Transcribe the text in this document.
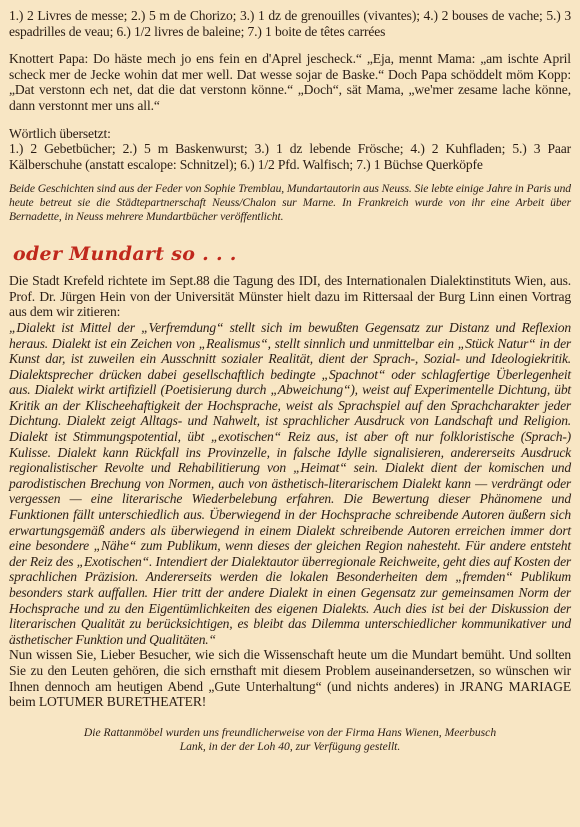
1.) 2 Livres de messe; 2.) 5 m de Chorizo; 3.) 1 dz de grenouilles (vivantes); 4.) 2 bouses de vache; 5.) 3 espadrilles de veau; 6.) 1/2 livres de baleine; 7.) 1 boite de têtes carrées

Knottert Papa: Do häste mech jo ens fein en d'Aprel jescheck.“ „Eja, mennt Mama: „am ischte April scheck mer de Jecke wohin dat mer well. Dat wesse sojar de Baske.“ Doch Papa schöddelt möm Kopp: „Dat verstonn ech net, dat die dat verstonn könne.“ „Doch“, sät Mama, „we'mer zesame lache könne, dann verstonnt mer uns all.“

Wörtlich übersetzt:

1.) 2 Gebetbücher; 2.) 5 m Baskenwurst; 3.) 1 dz lebende Frösche; 4.) 2 Kuhfladen; 5.) 3 Paar Kälberschuhe (anstatt escalope: Schnitzel); 6.) 1/2 Pfd. Walfisch; 7.) 1 Büchse Querköpfe

Beide Geschichten sind aus der Feder von Sophie Tremblau, Mundartautorin aus Neuss. Sie lebte einige Jahre in Paris und heute betreut sie die Städtepartnerschaft Neuss/Chalon sur Marne. In Frankreich wurde von ihr eine Arbeit über Bernadette, in Neuss mehrere Mundartbücher veröffentlicht.

oder Mundart so . . .

Die Stadt Krefeld richtete im Sept.88 die Tagung des IDI, des Internationalen Dialektinstituts Wien, aus. Prof. Dr. Jürgen Hein von der Universität Münster hielt dazu im Rittersaal der Burg Linn einen Vortrag aus dem wir zitieren:

„Dialekt ist Mittel der „Verfremdung“ stellt sich im bewußten Gegensatz zur Distanz und Reflexion heraus. Dialekt ist ein Zeichen von „Realismus“, stellt sinnlich und unmittelbar ein „Stück Natur“ in der Kunst dar, ist zuweilen ein Ausschnitt sozialer Realität, dient der Sprach-, Sozial- und Ideologiekritik. Dialektsprecher drücken dabei gesellschaftlich bedingte „Spachnot“ oder schlagfertige Überlegenheit aus. Dialekt wirkt artifiziell (Poetisierung durch „Abweichung“), weist auf Experimentelle Dichtung, übt Kritik an der Klischeehaftigkeit der Hochsprache, weist als Sprachspiel auf den Sprachcharakter jeder Dichtung. Dialekt zeigt Alltags- und Nahwelt, ist sprachlicher Ausdruck von Landschaft und Religion. Dialekt ist Stimmungspotential, übt „exotischen“ Reiz aus, ist aber oft nur folkloristische (Sprach-) Kulisse. Dialekt kann Rückfall ins Provinzelle, in falsche Idylle signalisieren, andererseits Ausdruck regionalistischer Revolte und Rehabilitierung von „Heimat“ sein. Dialekt dient der komischen und parodistischen Brechung von Normen, auch von ästhetisch-literarischem Dialekt kann — verdrängt oder vergessen — eine literarische Wiederbelebung erfahren. Die Bewertung dieser Phänomene und Funktionen fällt unterschiedlich aus. Überwiegend in der Hochsprache schreibende Autoren äußern sich erwartungsgemäß anders als überwiegend in einem Dialekt schreibende Autoren erreichen immer dort eine besondere „Nähe“ zum Publikum, wenn dieses der gleichen Region nahesteht. Für andere entsteht der Reiz des „Exotischen“. Intendiert der Dialektautor überregionale Reichweite, geht dies auf Kosten der sprachlichen Präzision. Andererseits werden die lokalen Besonderheiten dem „fremden“ Publikum besonders stark auffallen. Hier tritt der andere Dialekt in einen Gegensatz zur gemeinsamen Norm der Hochsprache und zu den Eigentümlichkeiten des eigenen Dialekts. Auch dies ist bei der Diskussion der literarischen Qualität zu berücksichtigen, es bleibt das Dilemma unterschiedlicher kommunikativer und ästhetischer Funktion und Qualitäten.“

Nun wissen Sie, Lieber Besucher, wie sich die Wissenschaft heute um die Mundart bemüht. Und sollten Sie zu den Leuten gehören, die sich ernsthaft mit diesem Problem auseinandersetzen, so wünschen wir Ihnen dennoch am heutigen Abend „Gute Unterhaltung“ (und nichts anderes) in JRANG MARIAGE beim LOTUMER BURETHEATER!

Die Rattanmöbel wurden uns freundlicherweise von der Firma Hans Wienen, Meerbusch Lank, in der der Loh 40, zur Verfügung gestellt.
